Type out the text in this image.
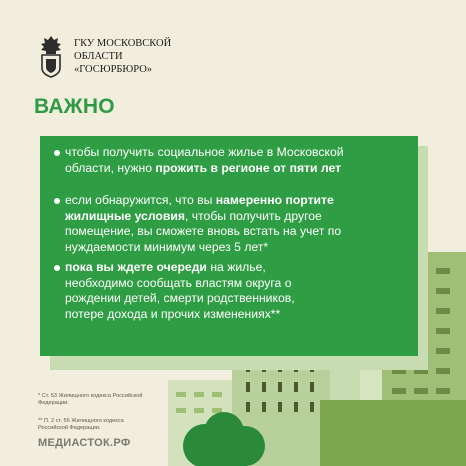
ГКУ МОСКОВСКОЙ
ОБЛАСТИ
«ГОСЮРБЮРО»
ВАЖНО
чтобы получить социальное жилье в Московской области, нужно прожить в регионе от пяти лет
если обнаружится, что вы намеренно портите жилищные условия, чтобы получить другое помещение, вы сможете вновь встать на учет по нуждаемости минимум через 5 лет*
пока вы ждете очереди на жилье, необходимо сообщать властям округа о рождении детей, смерти родственников, потере дохода и прочих изменениях**
* Ст. 53 Жилищного кодекса Российской Федерации.
** П. 2 ст. 56 Жилищного кодекса Российской Федерации.
МЕДИАСТОК.РФ
